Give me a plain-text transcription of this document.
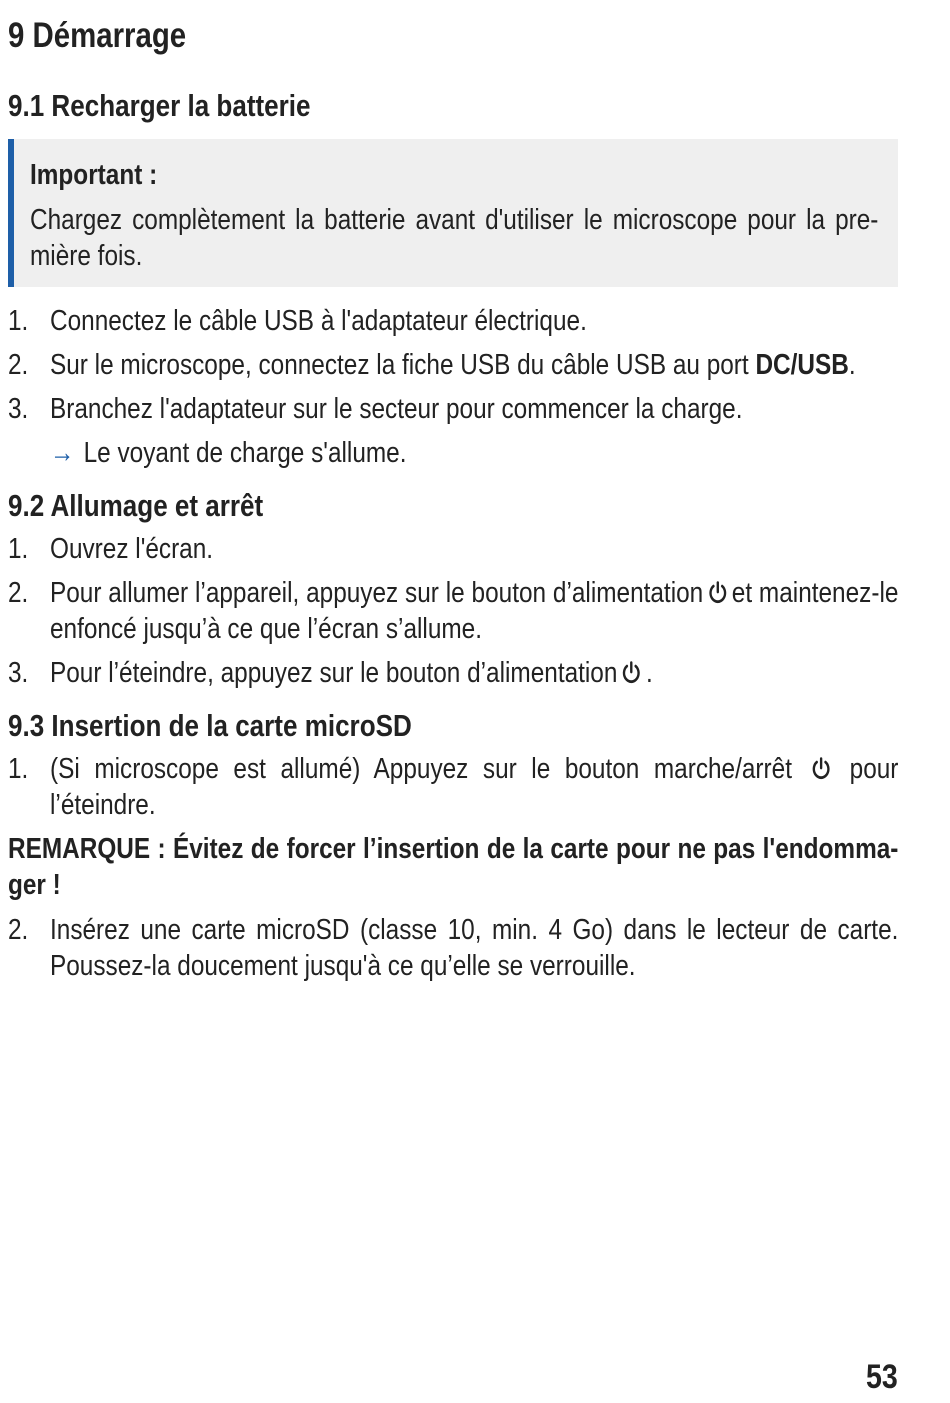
9 Démarrage
9.1 Recharger la batterie
Important :
Chargez complètement la batterie avant d'utiliser le microscope pour la pre-mière fois.
1. Connectez le câble USB à l'adaptateur électrique.
2. Sur le microscope, connectez la fiche USB du câble USB au port DC/USB.
3. Branchez l'adaptateur sur le secteur pour commencer la charge.
→ Le voyant de charge s'allume.
9.2 Allumage et arrêt
1. Ouvrez l'écran.
2. Pour allumer l’appareil, appuyez sur le bouton d’alimentation et maintenez-le enfoncé jusqu’à ce que l’écran s’allume.
3. Pour l’éteindre, appuyez sur le bouton d’alimentation .
9.3 Insertion de la carte microSD
1. (Si microscope est allumé) Appuyez sur le bouton marche/arrêt pour l’éteindre.
REMARQUE : Évitez de forcer l’insertion de la carte pour ne pas l'endomma-ger !
2. Insérez une carte microSD (classe 10, min. 4 Go) dans le lecteur de carte. Poussez-la doucement jusqu'à ce qu’elle se verrouille.
53
